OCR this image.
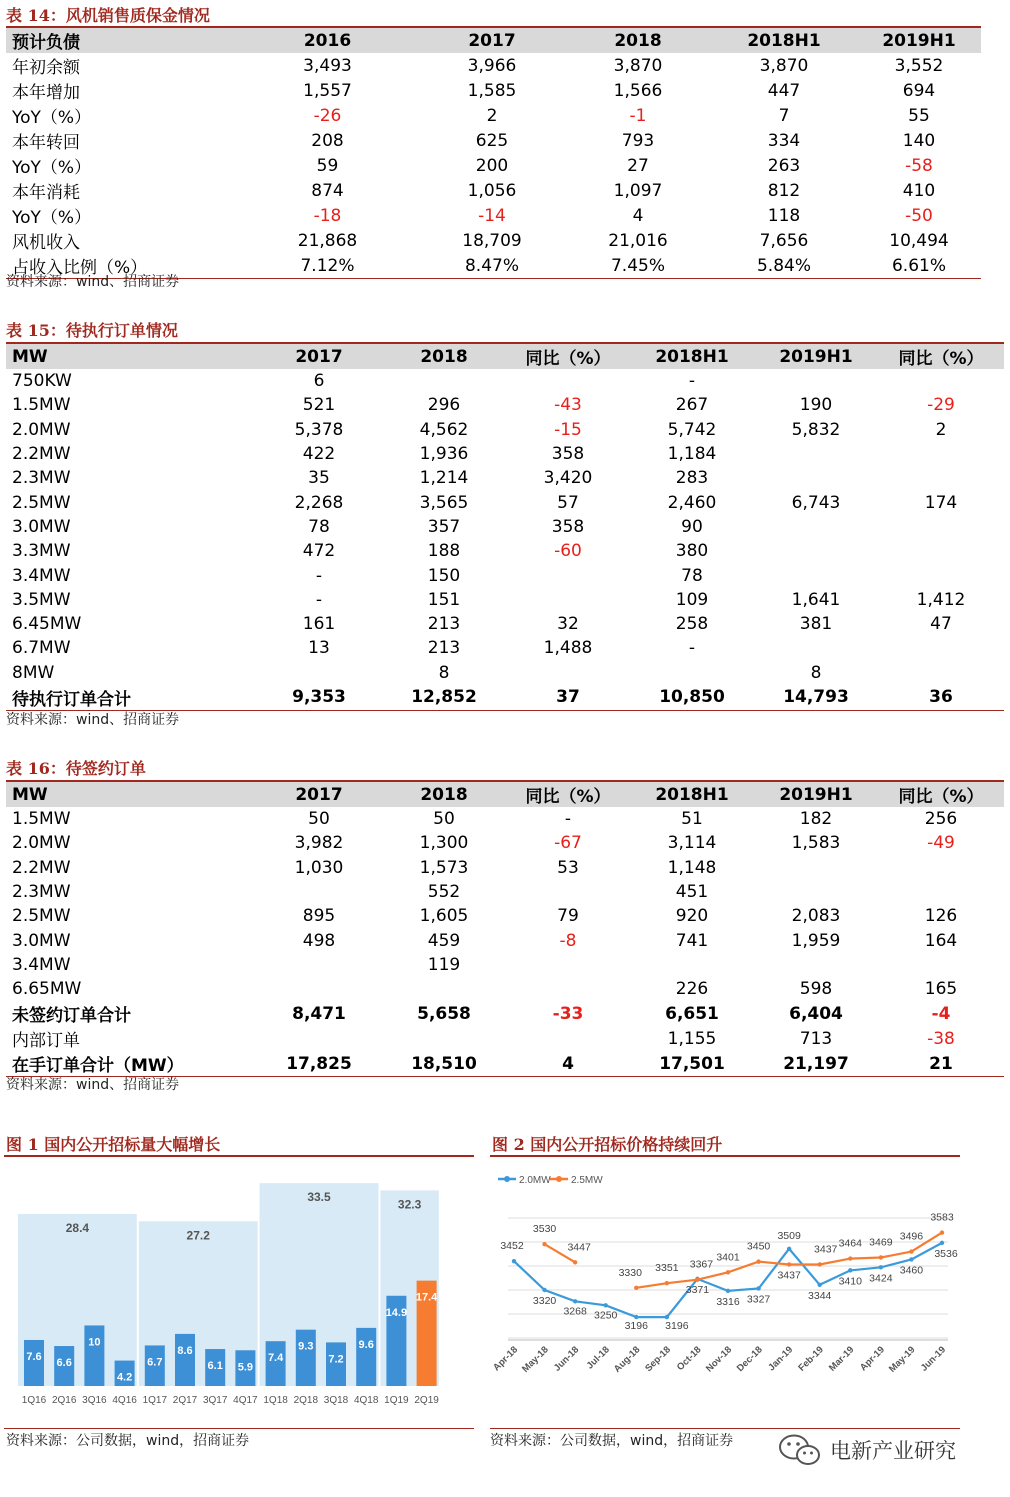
表 14：风机销售质保金情况
预计负债	2016	2017	2018	2018H1	2019H1
年初余额	3,493	3,966	3,870	3,870	3,552
本年增加	1,557	1,585	1,566	447	694
YoY（%）	-26	2	-1	7	55
本年转回	208	625	793	334	140
YoY（%）	59	200	27	263	-58
本年消耗	874	1,056	1,097	812	410
YoY（%）	-18	-14	4	118	-50
风机收入	21,868	18,709	21,016	7,656	10,494
占收入比例（%）	7.12%	8.47%	7.45%	5.84%	6.61%
资料来源：wind、招商证券
表 15：待执行订单情况
MW	2017	2018	同比（%）	2018H1	2019H1	同比（%）
750KW	6			-		
1.5MW	521	296	-43	267	190	-29
2.0MW	5,378	4,562	-15	5,742	5,832	2
2.2MW	422	1,936	358	1,184		
2.3MW	35	1,214	3,420	283		
2.5MW	2,268	3,565	57	2,460	6,743	174
3.0MW	78	357	358	90		
3.3MW	472	188	-60	380		
3.4MW	-	150		78		
3.5MW	-	151		109	1,641	1,412
6.45MW	161	213	32	258	381	47
6.7MW	13	213	1,488	-		
8MW		8			8	
待执行订单合计	9,353	12,852	37	10,850	14,793	36
资料来源：wind、招商证券
表 16：待签约订单
MW	2017	2018	同比（%）	2018H1	2019H1	同比（%）
1.5MW	50	50	-	51	182	256
2.0MW	3,982	1,300	-67	3,114	1,583	-49
2.2MW	1,030	1,573	53	1,148		
2.3MW		552		451		
2.5MW	895	1,605	79	920	2,083	126
3.0MW	498	459	-8	741	1,959	164
3.4MW		119				
6.65MW				226	598	165
未签约订单合计	8,471	5,658	-33	6,651	6,404	-4
内部订单				1,155	713	-38
在手订单合计（MW）	17,825	18,510	4	17,501	21,197	21
资料来源：wind、招商证券
图 1 国内公开招标量大幅增长
28.4
27.2
33.5
32.3
7.6
1Q16
6.6
2Q16
10
3Q16
4.2
4Q16
6.7
1Q17
8.6
2Q17
6.1
3Q17
5.9
4Q17
7.4
1Q18
9.3
2Q18
7.2
3Q18
9.6
4Q18
14.9
1Q19
17.4
2Q19
资料来源：公司数据，wind，招商证券
图 2 国内公开招标价格持续回升
2.0MW 2.5MW
3452
3320
3268 3250
3196 3196
3371
3316 3327
3509
3344
3410 3424
3460
3536
3530
3447
3330 3351 3367
3401
3450
3437
3437 3464 3469 3496
3583
Apr-18 May-18 Jun-18 Jul-18 Aug-18 Sep-18 Oct-18 Nov-18 Dec-18 Jan-19 Feb-19 Mar-19 Apr-19 May-19 Jun-19
资料来源：公司数据，wind，招商证券	电新产业研究
